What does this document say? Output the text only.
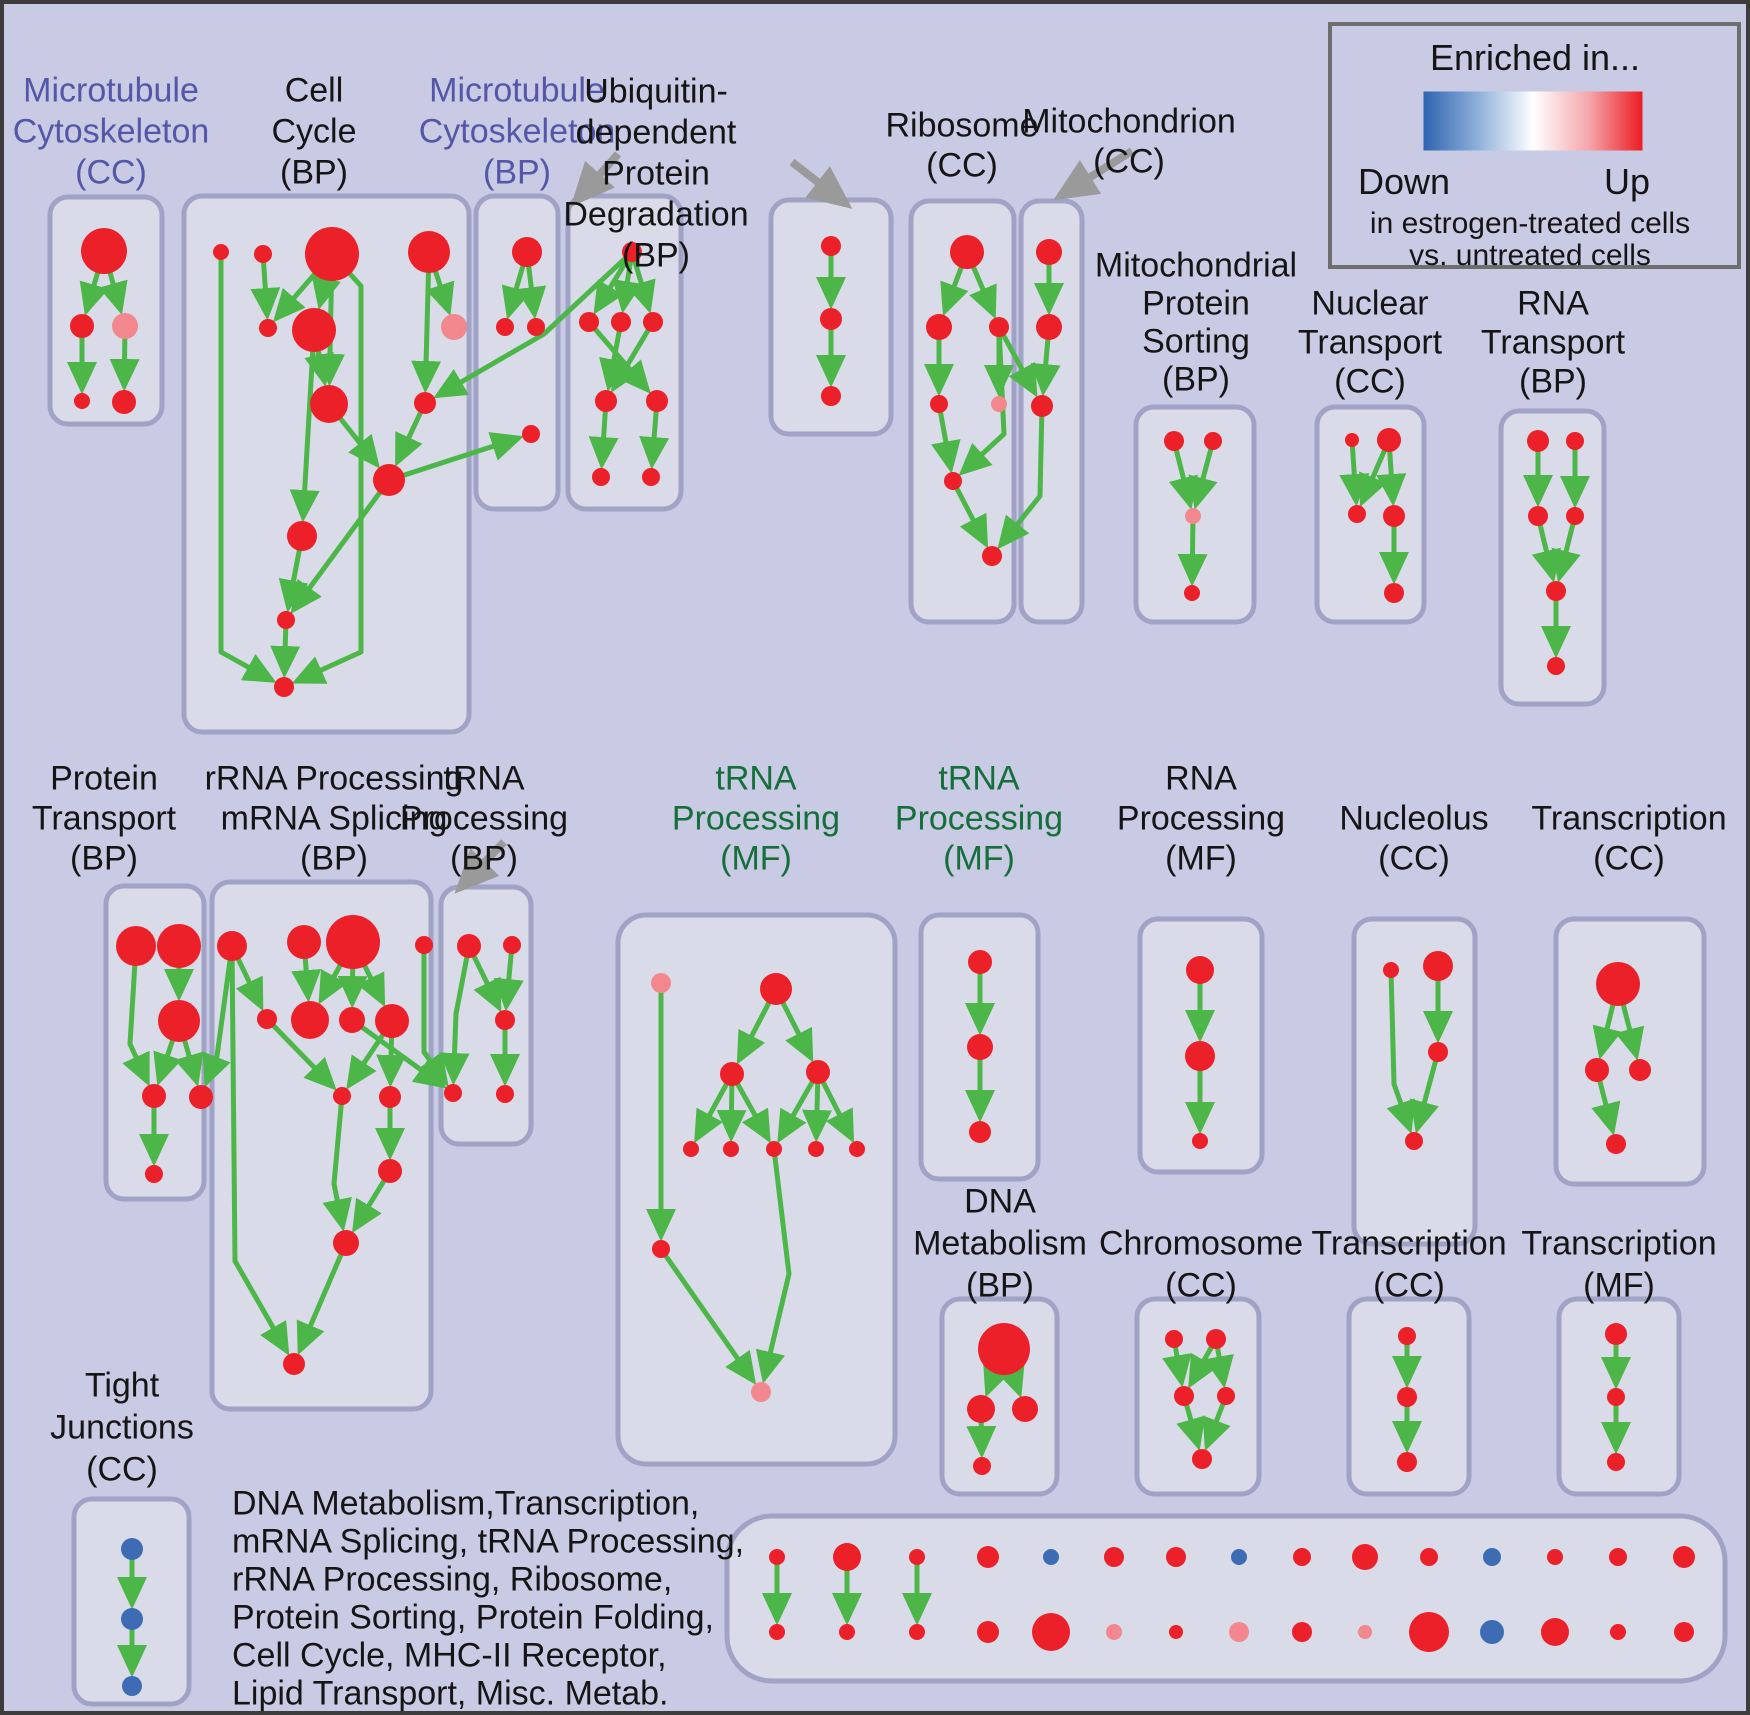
Microtubule
Cytoskeleton
(CC)
Cell
Cycle
(BP)
Microtubule
Cytoskeleton
(BP)
Ubiquitin-
dependent
Protein
Degradation
(BP)
Ribosome
(CC)
Mitochondrion
(CC)
Mitochondrial
Protein
Sorting
(BP)
Nuclear
Transport
(CC)
RNA
Transport
(BP)
Protein
Transport
(BP)
rRNA Processing
mRNA Splicing
(BP)
tRNA
Processing
(BP)
tRNA
Processing
(MF)
tRNA
Processing
(MF)
RNA
Processing
(MF)
Nucleolus
(CC)
Transcription
(CC)
DNA
Metabolism
(BP)
Chromosome
(CC)
Transcription
(CC)
Transcription
(MF)
Tight
Junctions
(CC)
DNA Metabolism,Transcription,
mRNA Splicing, tRNA Processing,
rRNA Processing, Ribosome,
Protein Sorting, Protein Folding,
Cell Cycle, MHC-II Receptor,
Lipid Transport, Misc. Metab.
Enriched in...
Down	Up
in estrogen-treated cells
vs. untreated cells
